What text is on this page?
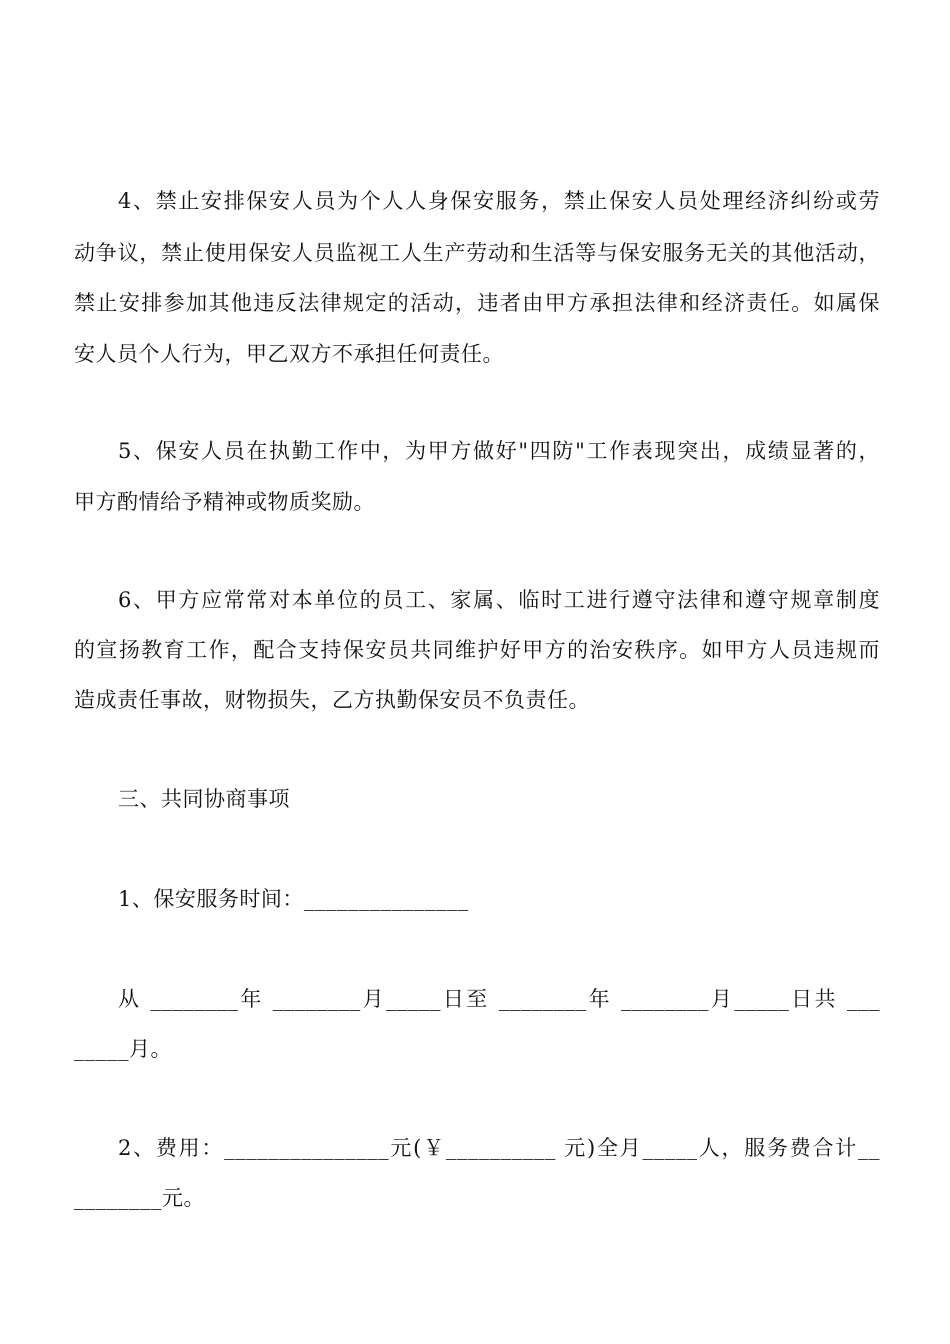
4、禁止安排保安人员为个人人身保安服务，禁止保安人员处理经济纠纷或劳
动争议，禁止使用保安人员监视工人生产劳动和生活等与保安服务无关的其他活动，
禁止安排参加其他违反法律规定的活动，违者由甲方承担法律和经济责任。如属保
安人员个人行为，甲乙双方不承担任何责任。
5、保安人员在执勤工作中，为甲方做好"四防"工作表现突出，成绩显著的，
甲方酌情给予精神或物质奖励。
6、甲方应常常对本单位的员工、家属、临时工进行遵守法律和遵守规章制度
的宣扬教育工作，配合支持保安员共同维护好甲方的治安秩序。如甲方人员违规而
造成责任事故，财物损失，乙方执勤保安员不负责任。
三、共同协商事项
1、保安服务时间：_______________
从 ________年 ________月_____日至 ________年 ________月_____日共 ___
_____月。
2、费用：_______________元(￥__________ 元)全月_____人，服务费合计__
________元。
